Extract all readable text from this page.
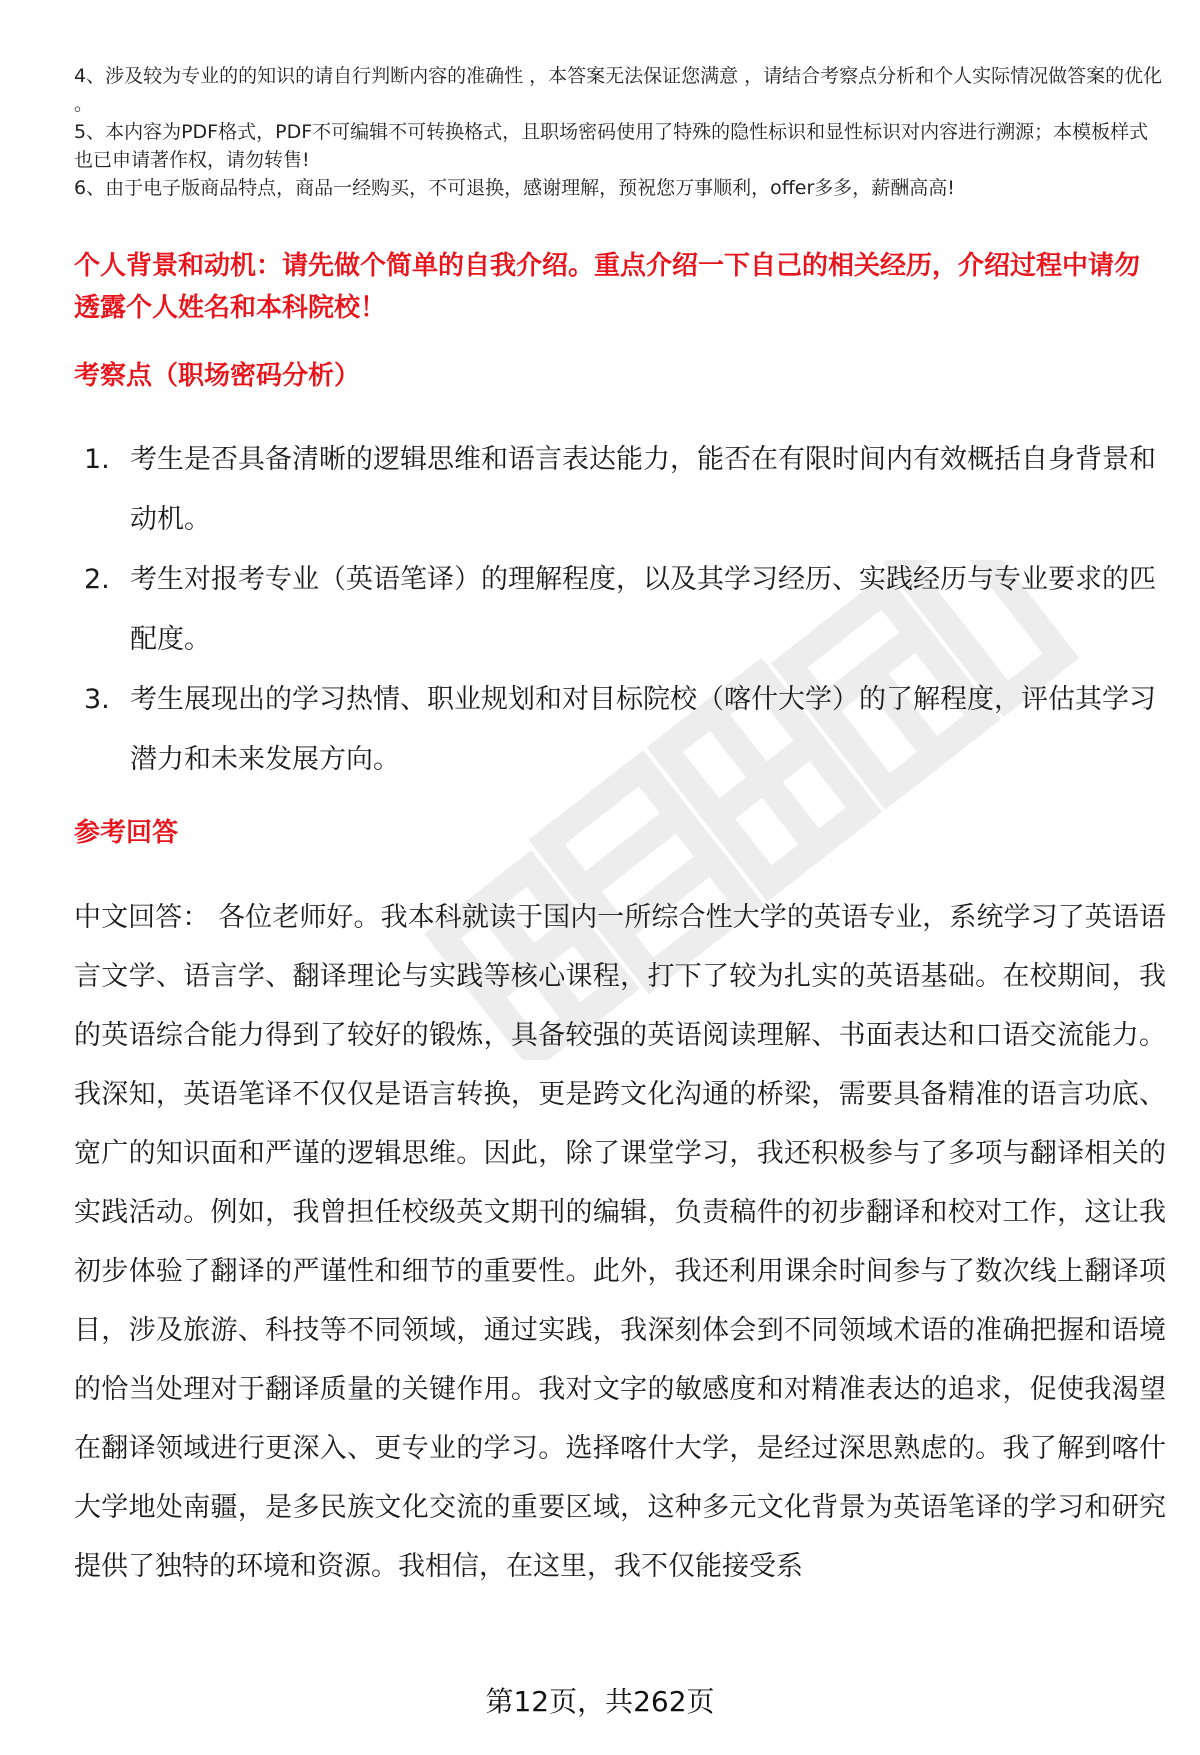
4、涉及较为专业的的知识的请自行判断内容的准确性 ，本答案无法保证您满意 ，请结合考察点分析和个人实际情况做答案的优化 。

5、本内容为PDF格式，PDF不可编辑不可转换格式，且职场密码使用了特殊的隐性标识和显性标识对内容进行溯源；本模板样式也已申请著作权，请勿转售!

6、由于电子版商品特点，商品一经购买，不可退换，感谢理解，预祝您万事顺利，offer多多，薪酬高高!

个人背景和动机：请先做个简单的自我介绍。重点介绍一下自己的相关经历，介绍过程中请勿透露个人姓名和本科院校！

考察点（职场密码分析）

1. 考生是否具备清晰的逻辑思维和语言表达能力，能否在有限时间内有效概括自身背景和动机。
2. 考生对报考专业（英语笔译）的理解程度，以及其学习经历、实践经历与专业要求的匹配度。
3. 考生展现出的学习热情、职业规划和对目标院校（喀什大学）的了解程度，评估其学习潜力和未来发展方向。

参考回答

中文回答： 各位老师好。我本科就读于国内一所综合性大学的英语专业，系统学习了英语语言文学、语言学、翻译理论与实践等核心课程，打下了较为扎实的英语基础。在校期间，我的英语综合能力得到了较好的锻炼，具备较强的英语阅读理解、书面表达和口语交流能力。我深知，英语笔译不仅仅是语言转换，更是跨文化沟通的桥梁，需要具备精准的语言功底、宽广的知识面和严谨的逻辑思维。因此，除了课堂学习，我还积极参与了多项与翻译相关的实践活动。例如，我曾担任校级英文期刊的编辑，负责稿件的初步翻译和校对工作，这让我初步体验了翻译的严谨性和细节的重要性。此外，我还利用课余时间参与了数次线上翻译项目，涉及旅游、科技等不同领域，通过实践，我深刻体会到不同领域术语的准确把握和语境的恰当处理对于翻译质量的关键作用。我对文字的敏感度和对精准表达的追求，促使我渴望在翻译领域进行更深入、更专业的学习。选择喀什大学，是经过深思熟虑的。我了解到喀什大学地处南疆，是多民族文化交流的重要区域，这种多元文化背景为英语笔译的学习和研究提供了独特的环境和资源。我相信，在这里，我不仅能接受系

第12页，共262页
